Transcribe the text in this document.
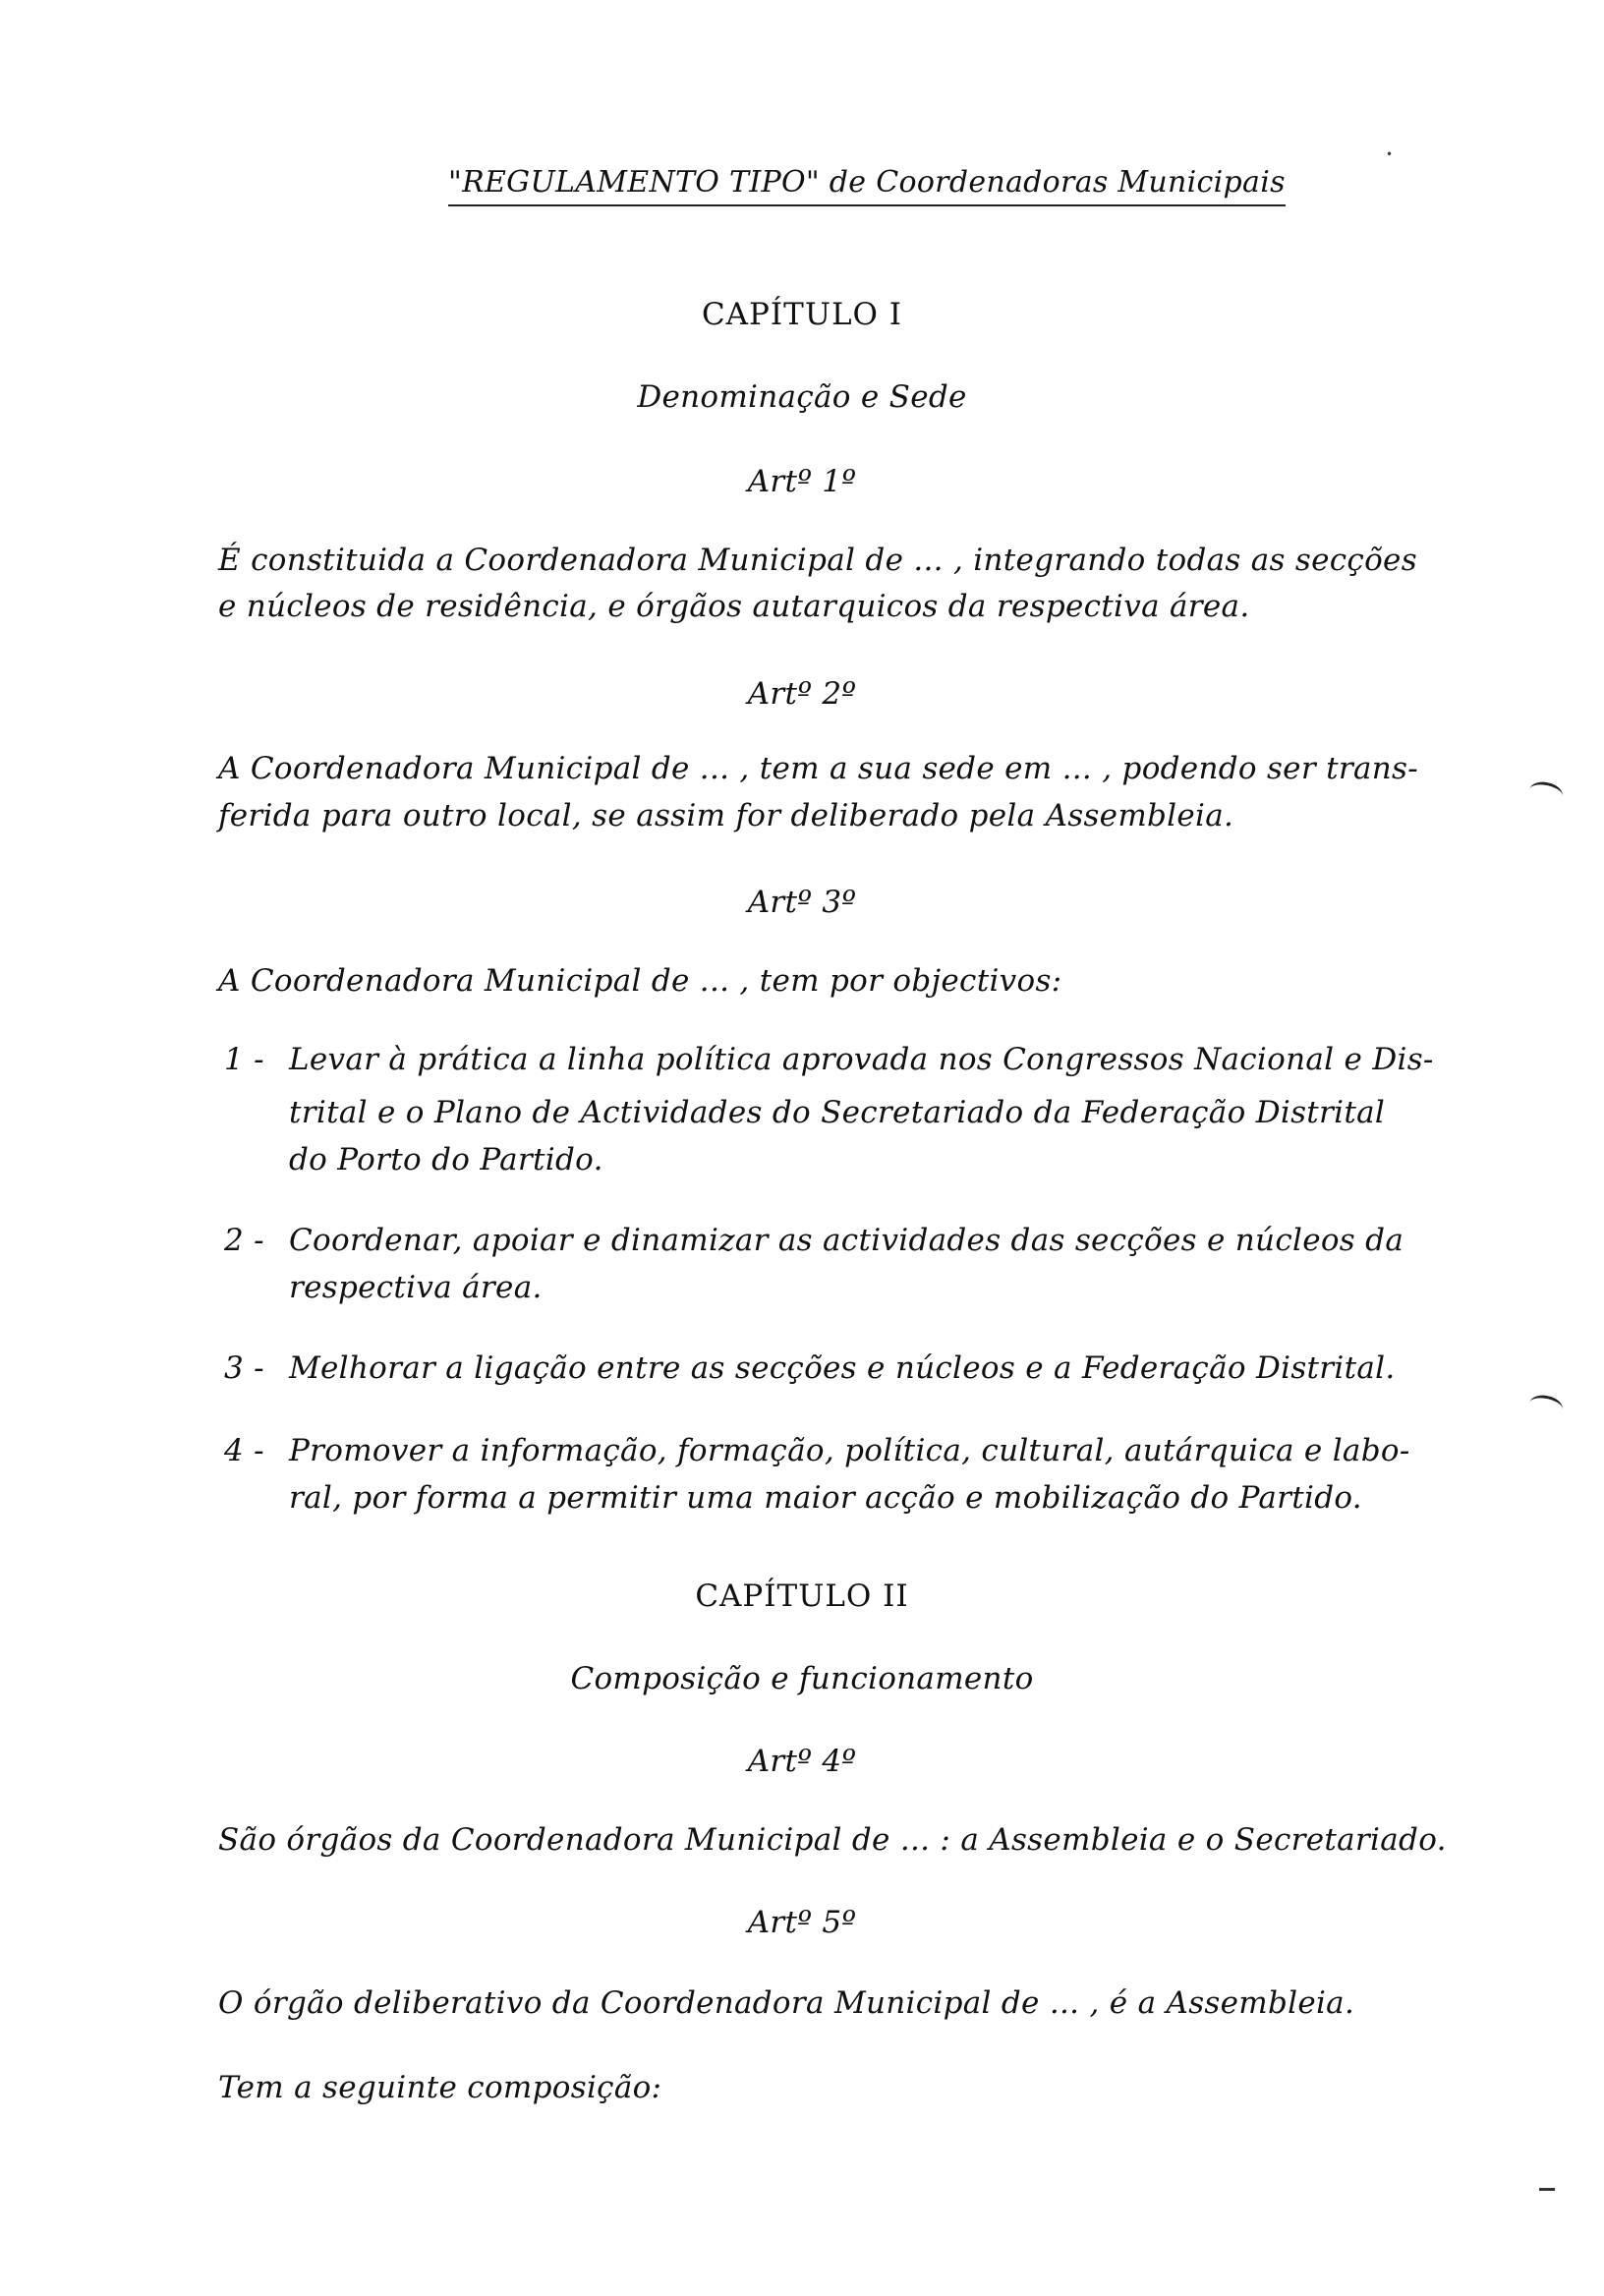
"REGULAMENTO TIPO" de Coordenadoras Municipais
CAPÍTULO I
Denominação e Sede
Artº 1º
É constituida a Coordenadora Municipal de ... , integrando todas as secções
e núcleos de residência, e órgãos autarquicos da respectiva área.
Artº 2º
A Coordenadora Municipal de ... , tem a sua sede em ... , podendo ser trans-
ferida para outro local, se assim for deliberado pela Assembleia.
Artº 3º
A Coordenadora Municipal de ... , tem por objectivos:
1 - Levar à prática a linha política aprovada nos Congressos Nacional e Dis-
trital e o Plano de Actividades do Secretariado da Federação Distrital
do Porto do Partido.
2 - Coordenar, apoiar e dinamizar as actividades das secções e núcleos da
respectiva área.
3 - Melhorar a ligação entre as secções e núcleos e a Federação Distrital.
4 - Promover a informação, formação, política, cultural, autárquica e labo-
ral, por forma a permitir uma maior acção e mobilização do Partido.
CAPÍTULO II
Composição e funcionamento
Artº 4º
São órgãos da Coordenadora Municipal de ... : a Assembleia e o Secretariado.
Artº 5º
O órgão deliberativo da Coordenadora Municipal de ... , é a Assembleia.
Tem a seguinte composição:
•
